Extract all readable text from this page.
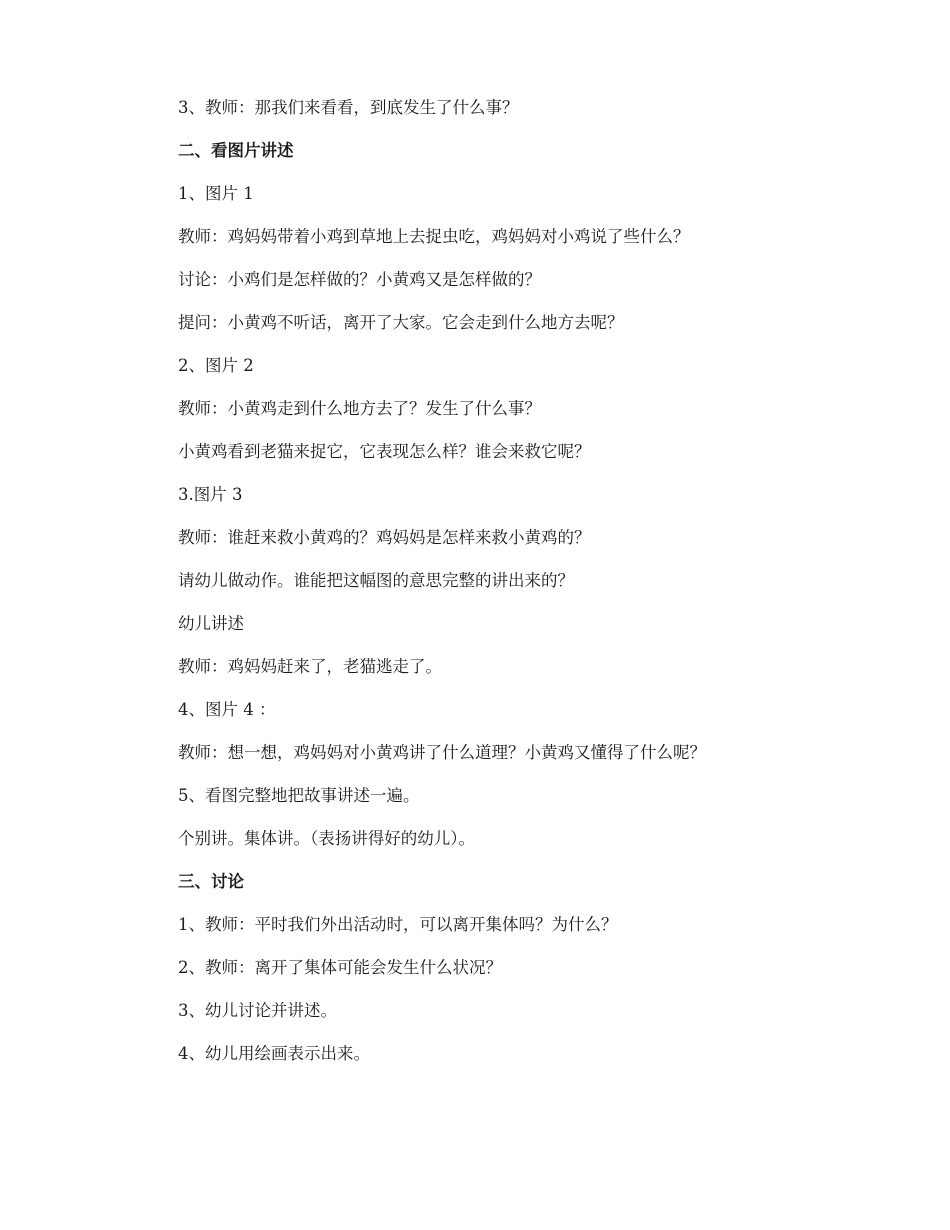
3、教师：那我们来看看，到底发生了什么事？
二、看图片讲述
1、图片 1
教师：鸡妈妈带着小鸡到草地上去捉虫吃，鸡妈妈对小鸡说了些什么？
讨论：小鸡们是怎样做的？小黄鸡又是怎样做的？
提问：小黄鸡不听话，离开了大家。它会走到什么地方去呢？
2、图片 2
教师：小黄鸡走到什么地方去了？发生了什么事？
小黄鸡看到老猫来捉它，它表现怎么样？谁会来救它呢？
3.图片 3
教师：谁赶来救小黄鸡的？鸡妈妈是怎样来救小黄鸡的？
请幼儿做动作。谁能把这幅图的意思完整的讲出来的？
幼儿讲述
教师：鸡妈妈赶来了，老猫逃走了。
4、图片 4 ：
教师：想一想，鸡妈妈对小黄鸡讲了什么道理？小黄鸡又懂得了什么呢？
5、看图完整地把故事讲述一遍。
个别讲。集体讲。（表扬讲得好的幼儿）。
三、讨论
1、教师：平时我们外出活动时，可以离开集体吗？为什么？
2、教师：离开了集体可能会发生什么状况？
3、幼儿讨论并讲述。
4、幼儿用绘画表示出来。
